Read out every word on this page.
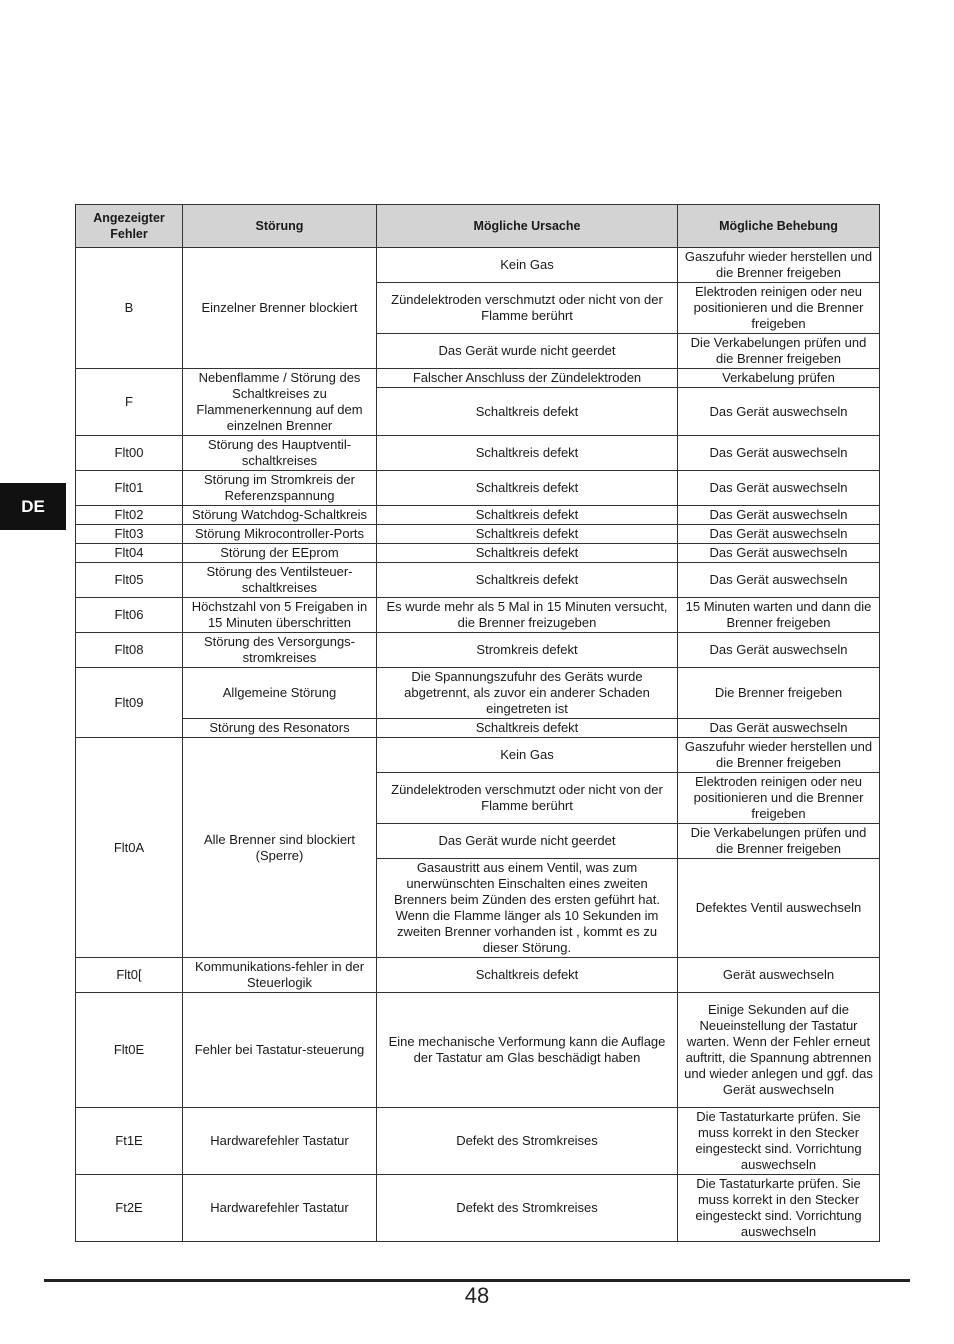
Angezeigter Fehler	Störung	Mögliche Ursache	Mögliche Behebung
B	Einzelner Brenner blockiert	Kein Gas	Gaszufuhr wieder herstellen und die Brenner freigeben
		Zündelektroden verschmutzt oder nicht von der Flamme berührt	Elektroden reinigen oder neu positionieren und die Brenner freigeben
		Das Gerät wurde nicht geerdet	Die Verkabelungen prüfen und die Brenner freigeben
F	Nebenflamme / Störung des Schaltkreises zu Flammenerkennung auf dem einzelnen Brenner	Falscher Anschluss der Zündelektroden	Verkabelung prüfen
		Schaltkreis defekt	Das Gerät auswechseln
Flt00	Störung des Hauptventil-schaltkreises	Schaltkreis defekt	Das Gerät auswechseln
Flt01	Störung im Stromkreis der Referenzspannung	Schaltkreis defekt	Das Gerät auswechseln
Flt02	Störung Watchdog-Schaltkreis	Schaltkreis defekt	Das Gerät auswechseln
Flt03	Störung Mikrocontroller-Ports	Schaltkreis defekt	Das Gerät auswechseln
Flt04	Störung der EEprom	Schaltkreis defekt	Das Gerät auswechseln
Flt05	Störung des Ventilsteuer-schaltkreises	Schaltkreis defekt	Das Gerät auswechseln
Flt06	Höchstzahl von 5 Freigaben in 15 Minuten überschritten	Es wurde mehr als 5 Mal in 15 Minuten versucht, die Brenner freizugeben	15 Minuten warten und dann die Brenner freigeben
Flt08	Störung des Versorgungs-stromkreises	Stromkreis defekt	Das Gerät auswechseln
Flt09	Allgemeine Störung	Die Spannungszufuhr des Geräts wurde abgetrennt, als zuvor ein anderer Schaden eingetreten ist	Die Brenner freigeben
	Störung des Resonators	Schaltkreis defekt	Das Gerät auswechseln
Flt0A	Alle Brenner sind blockiert (Sperre)	Kein Gas	Gaszufuhr wieder herstellen und die Brenner freigeben
		Zündelektroden verschmutzt oder nicht von der Flamme berührt	Elektroden reinigen oder neu positionieren und die Brenner freigeben
		Das Gerät wurde nicht geerdet	Die Verkabelungen prüfen und die Brenner freigeben
		Gasaustritt aus einem Ventil, was zum unerwünschten Einschalten eines zweiten Brenners beim Zünden des ersten geführt hat. Wenn die Flamme länger als 10 Sekunden im zweiten Brenner vorhanden ist , kommt es zu dieser Störung.	Defektes Ventil auswechseln
Flt0[	Kommunikations-fehler in der Steuerlogik	Schaltkreis defekt	Gerät auswechseln
Flt0E	Fehler bei Tastatur-steuerung	Eine mechanische Verformung kann die Auflage der Tastatur am Glas beschädigt haben	Einige Sekunden auf die Neueinstellung der Tastatur warten. Wenn der Fehler erneut auftritt, die Spannung abtrennen und wieder anlegen und ggf. das Gerät auswechseln
Ft1E	Hardwarefehler Tastatur	Defekt des Stromkreises	Die Tastaturkarte prüfen. Sie muss korrekt in den Stecker eingesteckt sind. Vorrichtung auswechseln
Ft2E	Hardwarefehler Tastatur	Defekt des Stromkreises	Die Tastaturkarte prüfen. Sie muss korrekt in den Stecker eingesteckt sind. Vorrichtung auswechseln
DE
48
